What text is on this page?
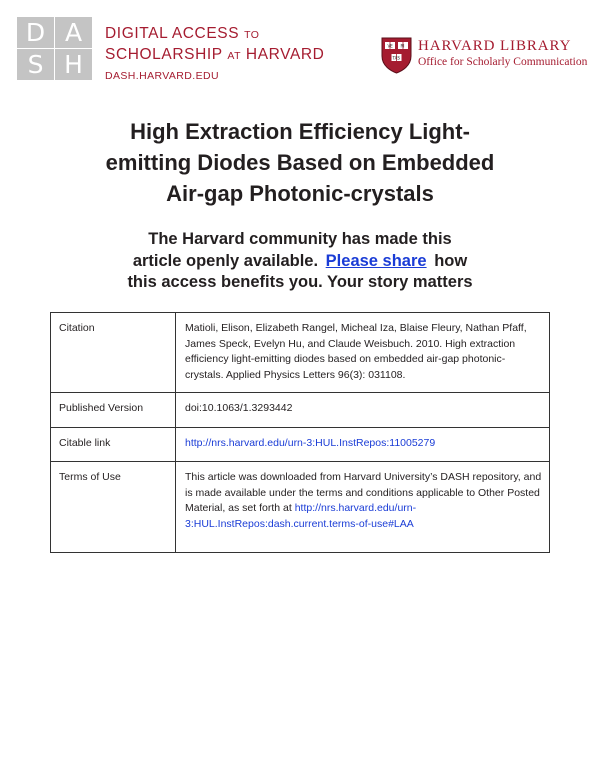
D A
S H
DIGITAL ACCESS TO
SCHOLARSHIP AT HARVARD
DASH.HARVARD.EDU
VE RI
TAS
HARVARD LIBRARY
Office for Scholarly Communication
High Extraction Efficiency Light-
emitting Diodes Based on Embedded
Air-gap Photonic-crystals
The Harvard community has made this
article openly available. Please share how
this access benefits you. Your story matters
Citation	Matioli, Elison, Elizabeth Rangel, Micheal Iza, Blaise Fleury, Nathan Pfaff, James Speck, Evelyn Hu, and Claude Weisbuch. 2010. High extraction efficiency light-emitting diodes based on embedded air-gap photonic-crystals. Applied Physics Letters 96(3): 031108.
Published Version	doi:10.1063/1.3293442
Citable link	http://nrs.harvard.edu/urn-3:HUL.InstRepos:11005279
Terms of Use	This article was downloaded from Harvard University’s DASH repository, and is made available under the terms and conditions applicable to Other Posted Material, as set forth at http://nrs.harvard.edu/urn-3:HUL.InstRepos:dash.current.terms-of-use#LAA
